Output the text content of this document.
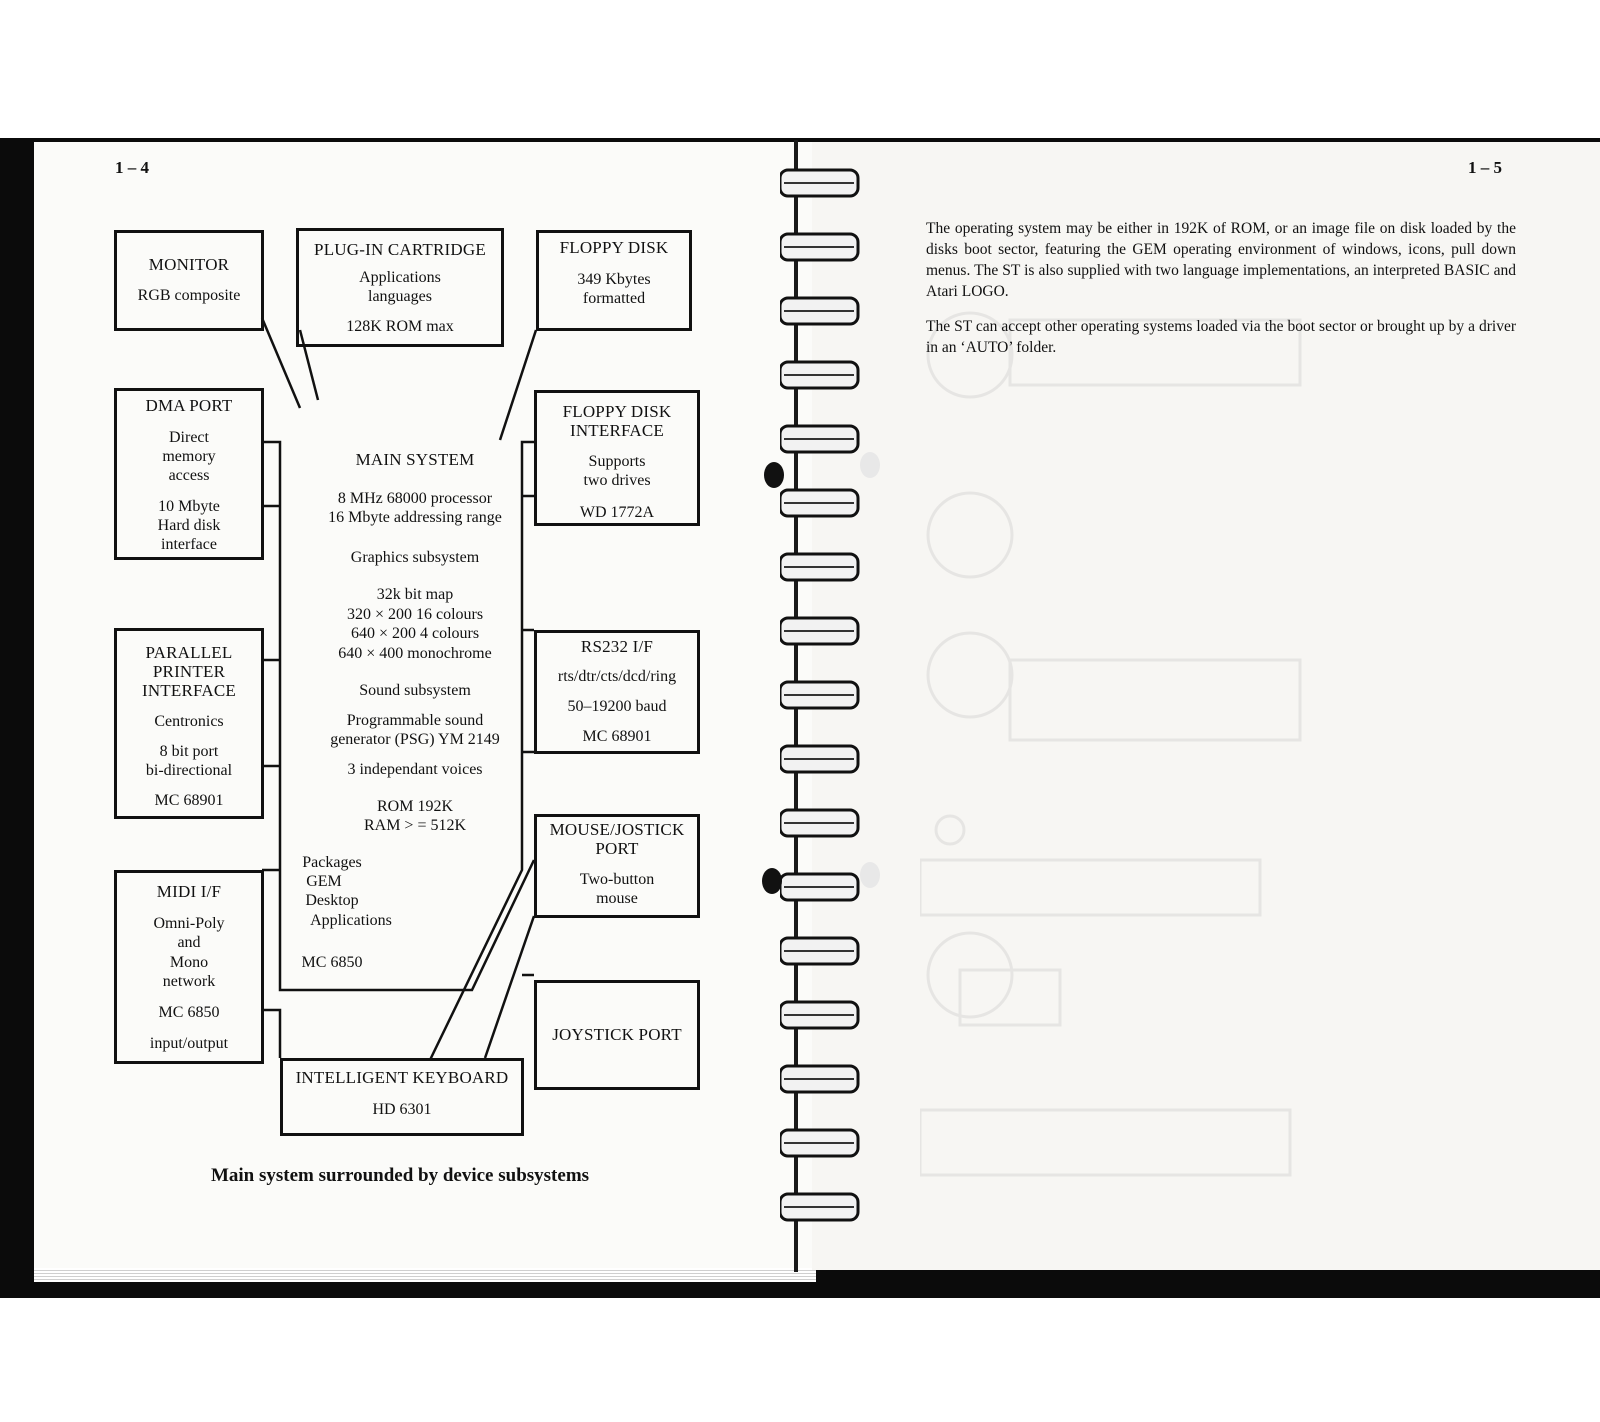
1 – 4	1 – 5
MONITOR
RGB composite
PLUG-IN CARTRIDGE
Applications
languages
128K ROM max
FLOPPY DISK
349 Kbytes
formatted
DMA PORT
Direct
memory
access
10 Mbyte
Hard disk
interface
FLOPPY DISK
INTERFACE
Supports
two drives
WD 1772A
MAIN SYSTEM
8 MHz 68000 processor
16 Mbyte addressing range
Graphics subsystem
32k bit map
320 × 200 16 colours
640 × 200 4 colours
640 × 400 monochrome
Sound subsystem
Programmable sound
generator (PSG) YM 2149
3 independant voices
ROM 192K
RAM > = 512K
Packages
GEM
Desktop
Applications
MC 6850
PARALLEL
PRINTER
INTERFACE
Centronics
8 bit port
bi-directional
MC 68901
RS232 I/F
rts/dtr/cts/dcd/ring
50–19200 baud
MC 68901
MOUSE/JOSTICK
PORT
Two-button
mouse
MIDI I/F
Omni-Poly
and
Mono
network
MC 6850
input/output	JOYSTICK PORT
INTELLIGENT KEYBOARD
HD 6301
Main system surrounded by device subsystems
The operating system may be either in 192K of ROM, or an image file on disk loaded by the disks boot sector, featuring the GEM operating environment of windows, icons, pull down menus. The ST is also supplied with two language implementations, an interpreted BASIC and Atari LOGO.
The ST can accept other operating systems loaded via the boot sector or brought up by a driver in an ‘AUTO’ folder.
